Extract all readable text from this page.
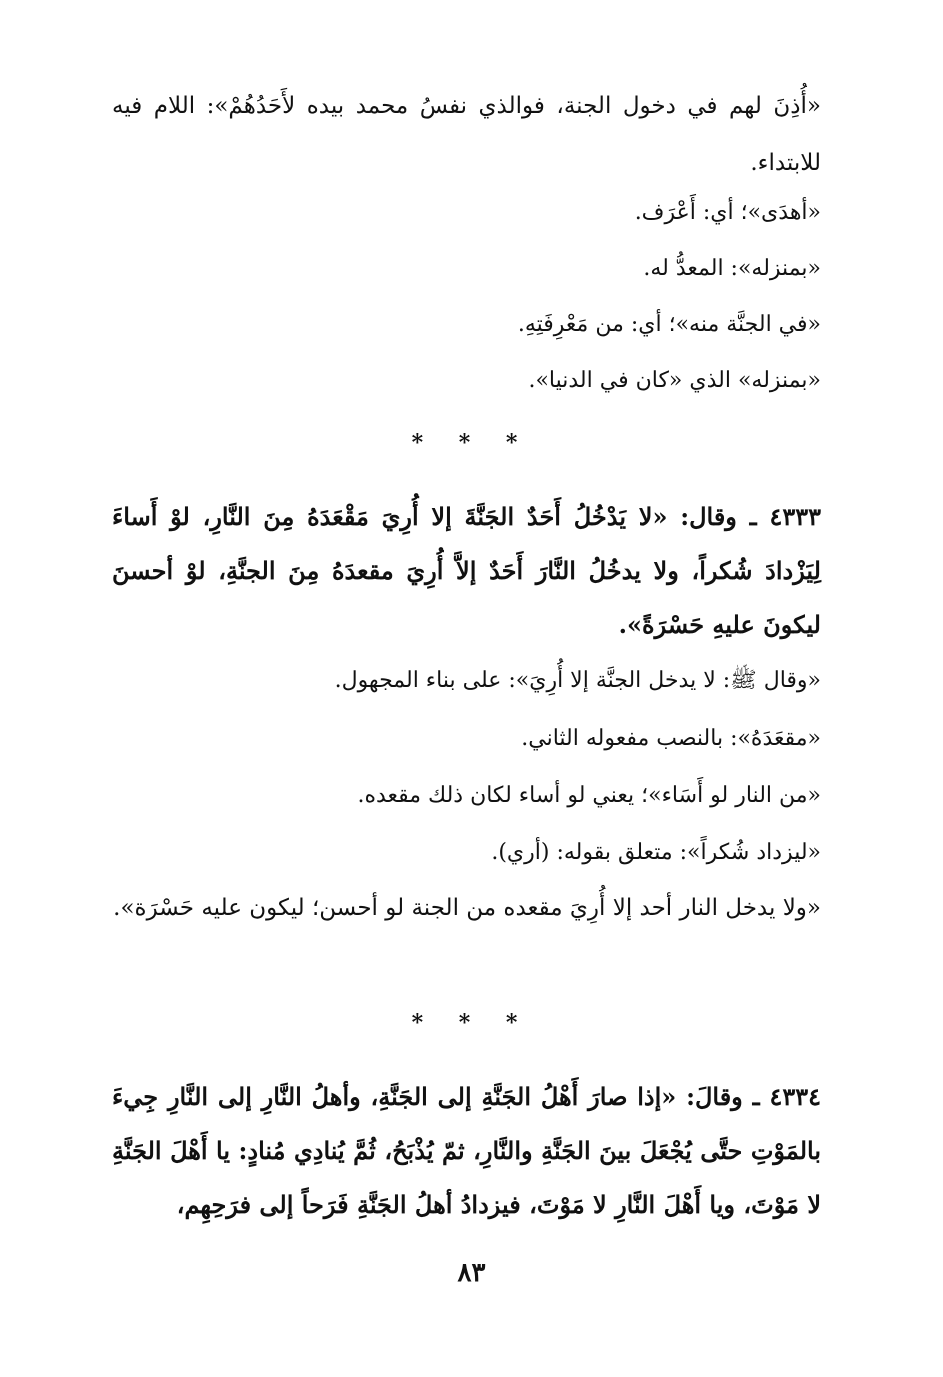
«أُذِنَ لهم في دخول الجنة، فوالذي نفسُ محمد بيده لأَحَدُهُمْ»: اللام فيه للابتداء.
«أهدَى»؛ أي: أَعْرَف.
«بمنزله»: المعدُّ له.
«في الجنَّة منه»؛ أي: من مَعْرِفَتِهِ.
«بمنزله» الذي «كان في الدنيا».
* * *
٤٣٣٣ ـ وقال: «لا يَدْخُلُ أَحَدٌ الجَنَّةَ إلا أُرِيَ مَقْعَدَهُ مِنَ النَّارِ، لوْ أَساءَ لِيَزْدادَ شُكراً، ولا يدخُلُ النَّارَ أَحَدٌ إلاَّ أُرِيَ مقعدَهُ مِنَ الجنَّةِ، لوْ أحسنَ ليكونَ عليهِ حَسْرَةً».
«وقال ﷺ: لا يدخل الجنَّة إلا أُرِيَ»: على بناء المجهول.
«مقعَدَهُ»: بالنصب مفعوله الثاني.
«من النار لو أَسَاء»؛ يعني لو أساء لكان ذلك مقعده.
«ليزداد شُكراً»: متعلق بقوله: (أري).
«ولا يدخل النار أحد إلا أُرِيَ مقعده من الجنة لو أحسن؛ ليكون عليه حَسْرَة».
* * *
٤٣٣٤ ـ وقالَ: «إذا صارَ أَهْلُ الجَنَّةِ إلى الجَنَّةِ، وأهلُ النَّارِ إلى النَّارِ جِيءَ بالمَوْتِ حتَّى يُجْعَلَ بينَ الجَنَّةِ والنَّارِ، ثمّ يُذْبَحُ، ثُمَّ يُنادِي مُنادٍ: يا أَهْلَ الجَنَّةِ لا مَوْتَ، ويا أَهْلَ النَّارِ لا مَوْتَ، فيزدادُ أهلُ الجَنَّةِ فَرَحاً إلى فرَحِهِم،
٨٣
